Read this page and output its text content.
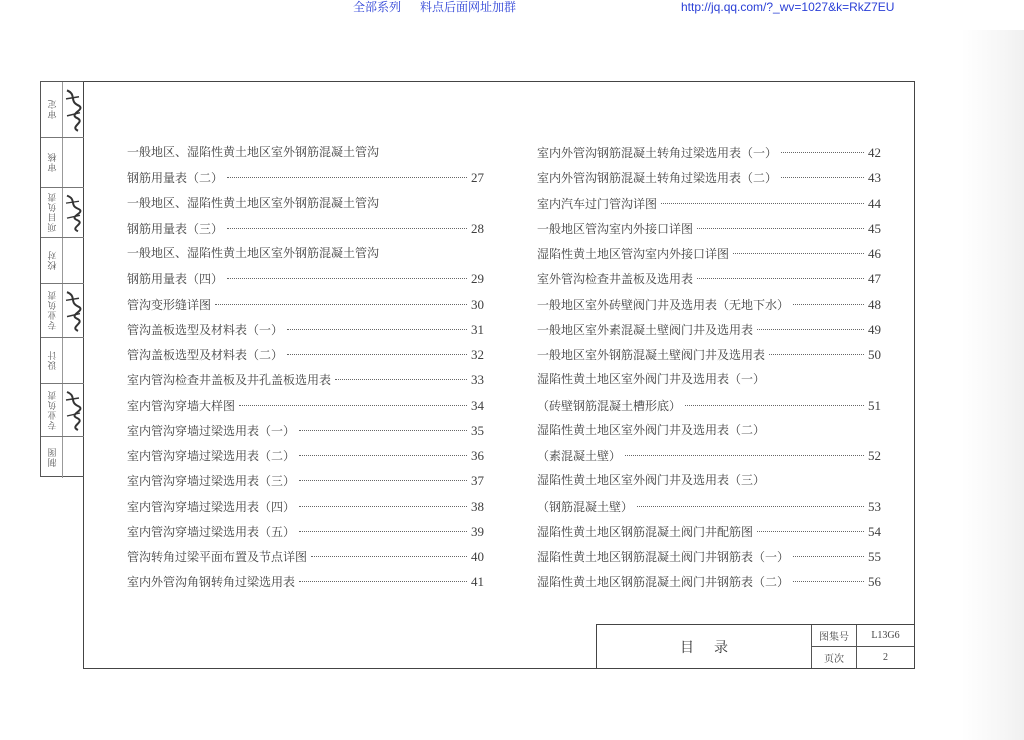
全部系列 料点后面网址加群	http://jq.qq.com/?_wv=1027&k=RkZ7EU
审定
审核
项目负责
校对
专业负责
设计
专业负责
制图
一般地区、湿陷性黄土地区室外钢筋混凝土管沟
钢筋用量表（二）	27
一般地区、湿陷性黄土地区室外钢筋混凝土管沟
钢筋用量表（三）	28
一般地区、湿陷性黄土地区室外钢筋混凝土管沟
钢筋用量表（四）	29
管沟变形缝详图	30
管沟盖板选型及材料表（一）	31
管沟盖板选型及材料表（二）	32
室内管沟检查井盖板及井孔盖板选用表	33
室内管沟穿墙大样图	34
室内管沟穿墙过梁选用表（一）	35
室内管沟穿墙过梁选用表（二）	36
室内管沟穿墙过梁选用表（三）	37
室内管沟穿墙过梁选用表（四）	38
室内管沟穿墙过梁选用表（五）	39
管沟转角过梁平面布置及节点详图	40
室内外管沟角钢转角过梁选用表	41
室内外管沟钢筋混凝土转角过梁选用表（一）	42
室内外管沟钢筋混凝土转角过梁选用表（二）	43
室内汽车过门管沟详图	44
一般地区管沟室内外接口详图	45
湿陷性黄土地区管沟室内外接口详图	46
室外管沟检查井盖板及选用表	47
一般地区室外砖壁阀门井及选用表（无地下水）	48
一般地区室外素混凝土壁阀门井及选用表	49
一般地区室外钢筋混凝土壁阀门井及选用表	50
湿陷性黄土地区室外阀门井及选用表（一）
（砖壁钢筋混凝土槽形底）	51
湿陷性黄土地区室外阀门井及选用表（二）
（素混凝土壁）	52
湿陷性黄土地区室外阀门井及选用表（三）
（钢筋混凝土壁）	53
湿陷性黄土地区钢筋混凝土阀门井配筋图	54
湿陷性黄土地区钢筋混凝土阀门井钢筋表（一）	55
湿陷性黄土地区钢筋混凝土阀门井钢筋表（二）	56
目录
图集号	L13G6
页次	2
